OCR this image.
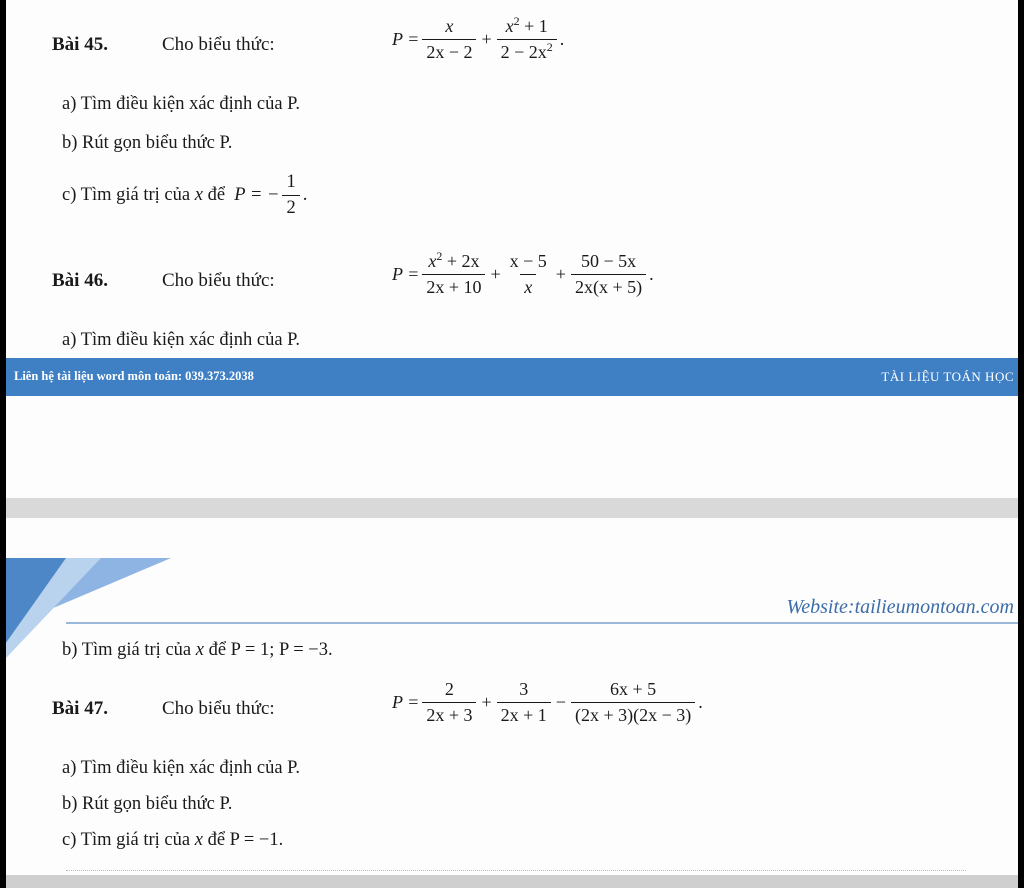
Bài 45.	Cho biểu thức:	$P = \frac{x}{2x - 2} + \frac{x^2 + 1}{2 - 2x^2}$ .
a) Tìm điều kiện xác định của P.
b) Rút gọn biểu thức P.
c) Tìm giá trị của
x
để
P = − $\frac{1}{2}$ .
Bài 46.	Cho biểu thức:	$P = \frac{x^2 + 2x}{2x + 10} + \frac{x - 5}{x} + \frac{50 - 5x}{2x(x + 5)}$ .
a) Tìm điều kiện xác định của P.
Liên hệ tài liệu word môn toán: 039.373.2038	TÀI LIỆU TOÁN HỌC
Website:tailieumontoan.com
b) Tìm giá trị của
x
để P = 1; P = −3.
Bài 47.	Cho biểu thức:	$P = \frac{2}{2x + 3} + \frac{3}{2x + 1} - \frac{6x + 5}{(2x + 3)(2x - 3)}$ .
a) Tìm điều kiện xác định của P.
b) Rút gọn biểu thức P.
c) Tìm giá trị của
x
để P = −1.
